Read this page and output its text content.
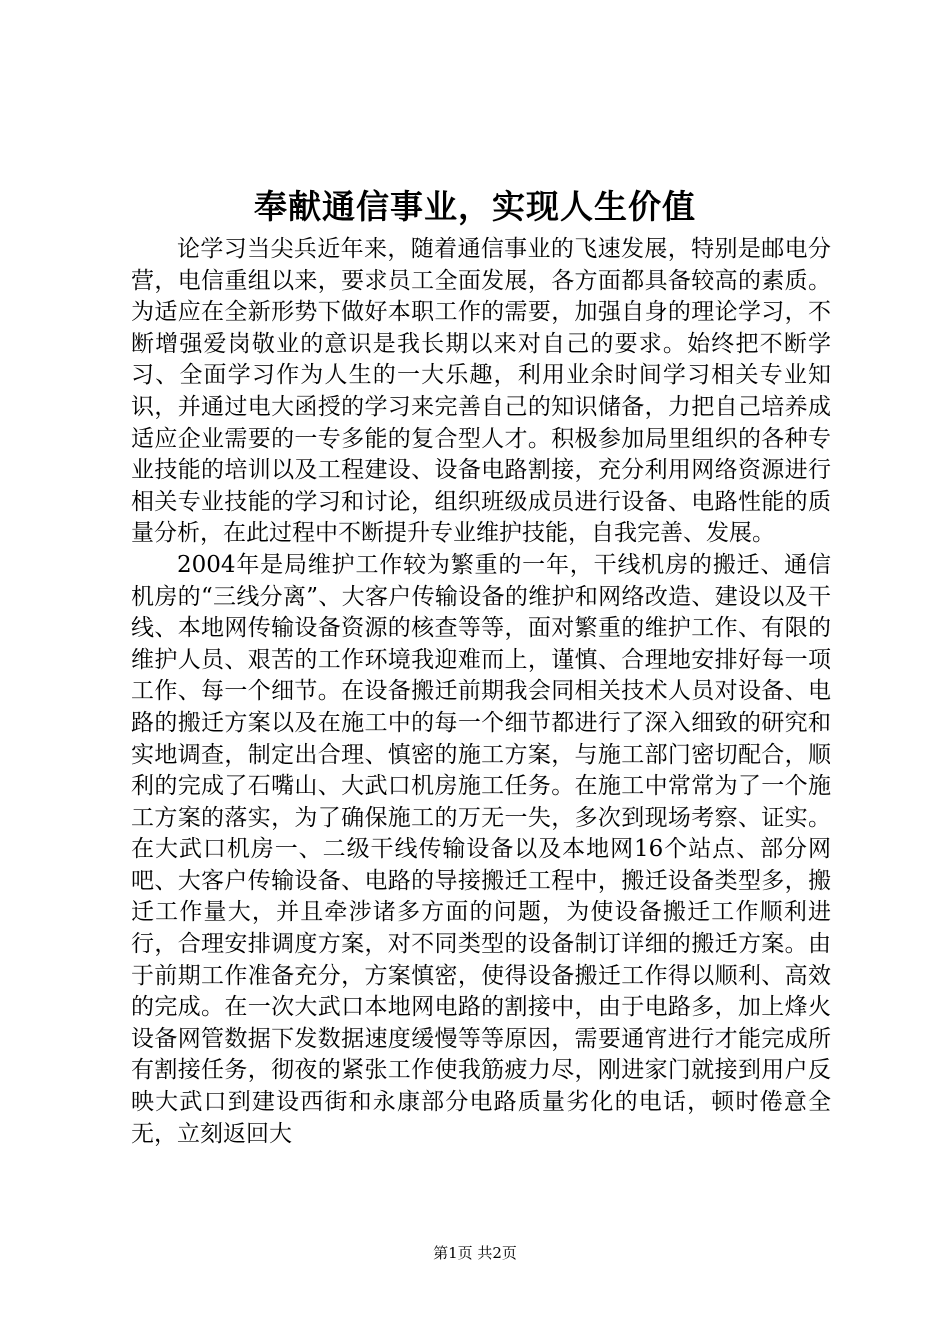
奉献通信事业，实现人生价值

论学习当尖兵近年来，随着通信事业的飞速发展，特别是邮电分营，电信重组以来，要求员工全面发展，各方面都具备较高的素质。为适应在全新形势下做好本职工作的需要，加强自身的理论学习，不断增强爱岗敬业的意识是我长期以来对自己的要求。始终把不断学习、全面学习作为人生的一大乐趣，利用业余时间学习相关专业知识，并通过电大函授的学习来完善自己的知识储备，力把自己培养成适应企业需要的一专多能的复合型人才。积极参加局里组织的各种专业技能的培训以及工程建设、设备电路割接，充分利用网络资源进行相关专业技能的学习和讨论，组织班级成员进行设备、电路性能的质量分析，在此过程中不断提升专业维护技能，自我完善、发展。

2004年是局维护工作较为繁重的一年，干线机房的搬迁、通信机房的“三线分离”、大客户传输设备的维护和网络改造、建设以及干线、本地网传输设备资源的核查等等，面对繁重的维护工作、有限的维护人员、艰苦的工作环境我迎难而上，谨慎、合理地安排好每一项工作、每一个细节。在设备搬迁前期我会同相关技术人员对设备、电路的搬迁方案以及在施工中的每一个细节都进行了深入细致的研究和实地调查，制定出合理、慎密的施工方案，与施工部门密切配合，顺利的完成了石嘴山、大武口机房施工任务。在施工中常常为了一个施工方案的落实，为了确保施工的万无一失，多次到现场考察、证实。在大武口机房一、二级干线传输设备以及本地网16个站点、部分网吧、大客户传输设备、电路的导接搬迁工程中，搬迁设备类型多，搬迁工作量大，并且牵涉诸多方面的问题，为使设备搬迁工作顺利进行，合理安排调度方案，对不同类型的设备制订详细的搬迁方案。由于前期工作准备充分，方案慎密，使得设备搬迁工作得以顺利、高效的完成。在一次大武口本地网电路的割接中，由于电路多，加上烽火设备网管数据下发数据速度缓慢等等原因，需要通宵进行才能完成所有割接任务，彻夜的紧张工作使我筋疲力尽，刚进家门就接到用户反映大武口到建设西街和永康部分电路质量劣化的电话，顿时倦意全无，立刻返回大

第1页 共2页
